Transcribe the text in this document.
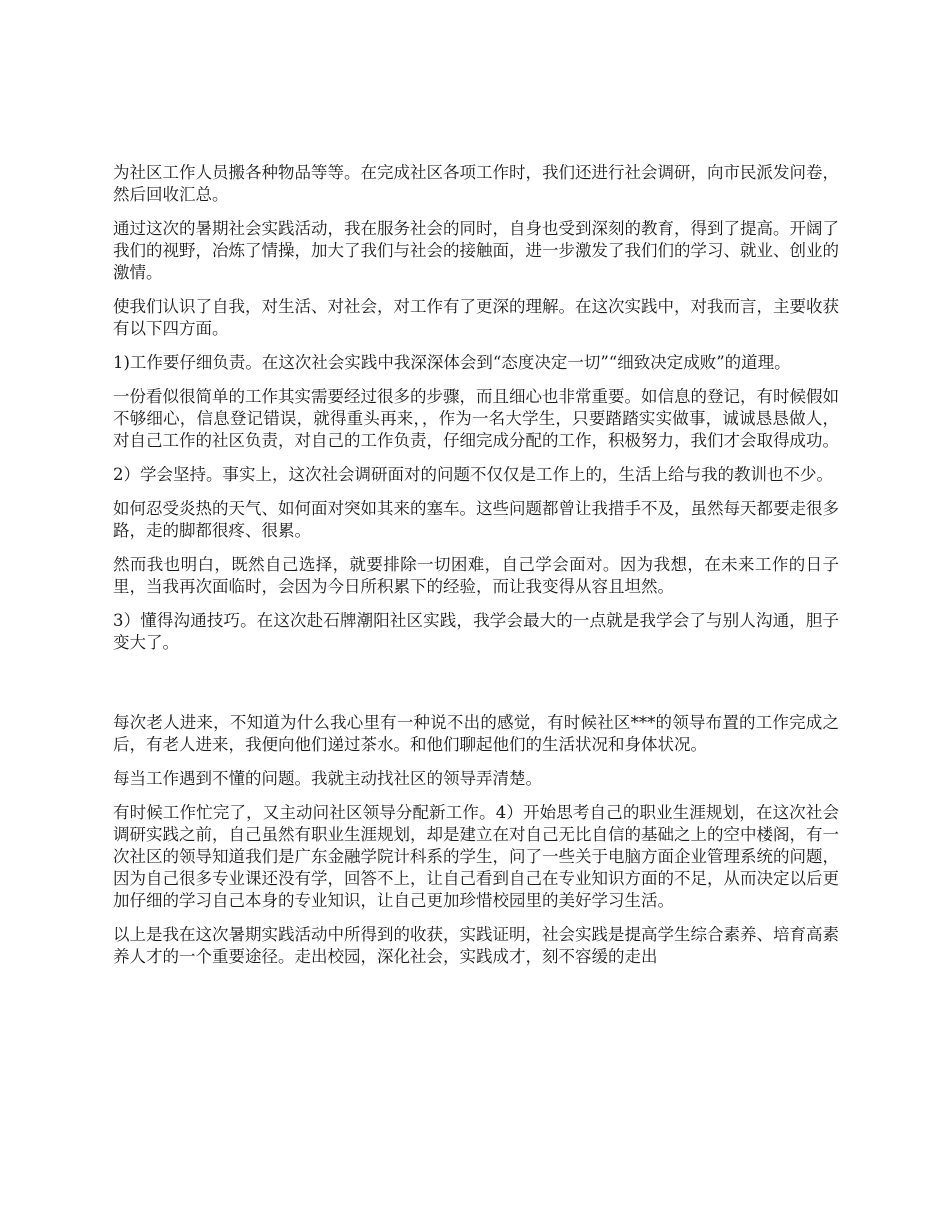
为社区工作人员搬各种物品等等。在完成社区各项工作时，我们还进行社会调研，向市民派发问卷，然后回收汇总。

通过这次的暑期社会实践活动，我在服务社会的同时，自身也受到深刻的教育，得到了提高。开阔了我们的视野，冶炼了情操，加大了我们与社会的接触面，进一步激发了我们们的学习、就业、创业的激情。

使我们认识了自我，对生活、对社会，对工作有了更深的理解。在这次实践中，对我而言，主要收获有以下四方面。

1)工作要仔细负责。在这次社会实践中我深深体会到“态度决定一切”“细致决定成败”的道理。

一份看似很简单的工作其实需要经过很多的步骤，而且细心也非常重要。如信息的登记，有时候假如不够细心，信息登记错误，就得重头再来，，作为一名大学生，只要踏踏实实做事，诚诚恳恳做人，对自己工作的社区负责，对自己的工作负责，仔细完成分配的工作，积极努力，我们才会取得成功。

2）学会坚持。事实上，这次社会调研面对的问题不仅仅是工作上的，生活上给与我的教训也不少。

如何忍受炎热的天气、如何面对突如其来的塞车。这些问题都曾让我措手不及，虽然每天都要走很多路，走的脚都很疼、很累。

然而我也明白，既然自己选择，就要排除一切困难，自己学会面对。因为我想，在未来工作的日子里，当我再次面临时，会因为今日所积累下的经验，而让我变得从容且坦然。

3）懂得沟通技巧。在这次赴石牌潮阳社区实践，我学会最大的一点就是我学会了与别人沟通，胆子变大了。

每次老人进来，不知道为什么我心里有一种说不出的感觉，有时候社区***的领导布置的工作完成之后，有老人进来，我便向他们递过茶水。和他们聊起他们的生活状况和身体状况。

每当工作遇到不懂的问题。我就主动找社区的领导弄清楚。

有时候工作忙完了，又主动问社区领导分配新工作。4）开始思考自己的职业生涯规划，在这次社会调研实践之前，自己虽然有职业生涯规划，却是建立在对自己无比自信的基础之上的空中楼阁，有一次社区的领导知道我们是广东金融学院计科系的学生，问了一些关于电脑方面企业管理系统的问题，因为自己很多专业课还没有学，回答不上，让自己看到自己在专业知识方面的不足，从而决定以后更加仔细的学习自己本身的专业知识，让自己更加珍惜校园里的美好学习生活。

以上是我在这次暑期实践活动中所得到的收获，实践证明，社会实践是提高学生综合素养、培育高素养人才的一个重要途径。走出校园，深化社会，实践成才，刻不容缓的走出
